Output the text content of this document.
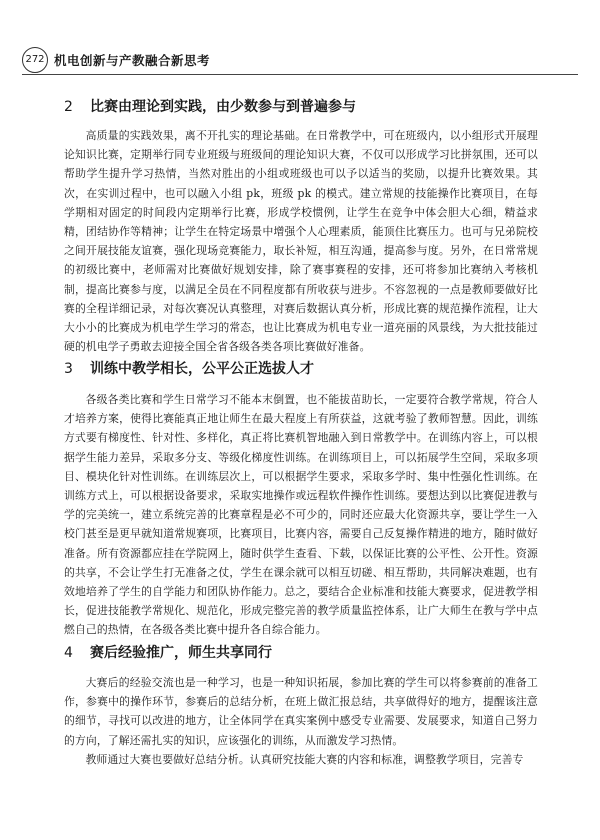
272 机电创新与产教融合新思考
2 比赛由理论到实践，由少数参与到普遍参与

高质量的实践效果，离不开扎实的理论基础。在日常教学中，可在班级内，以小组形式开展理论知识比赛，定期举行同专业班级与班级间的理论知识大赛，不仅可以形成学习比拼氛围，还可以帮助学生提升学习热情，当然对胜出的小组或班级也可以予以适当的奖励，以提升比赛效果。其次，在实训过程中，也可以融入小组 pk，班级 pk 的模式。建立常规的技能操作比赛项目，在每学期相对固定的时间段内定期举行比赛，形成学校惯例，让学生在竞争中体会胆大心细，精益求精，团结协作等精神；让学生在特定场景中增强个人心理素质，能顶住比赛压力。也可与兄弟院校之间开展技能友谊赛，强化现场竞赛能力，取长补短，相互沟通，提高参与度。另外，在日常常规的初级比赛中，老师需对比赛做好规划安排，除了赛事赛程的安排，还可将参加比赛纳入考核机制，提高比赛参与度，以满足全员在不同程度都有所收获与进步。不容忽视的一点是教师要做好比赛的全程详细记录，对每次赛况认真整理，对赛后数据认真分析，形成比赛的规范操作流程，让大大小小的比赛成为机电学生学习的常态，也让比赛成为机电专业一道亮丽的风景线，为大批技能过硬的机电学子勇敢去迎接全国全省各级各类各项比赛做好准备。

3 训练中教学相长，公平公正选拔人才

各级各类比赛和学生日常学习不能本末倒置，也不能拔苗助长，一定要符合教学常规，符合人才培养方案，使得比赛能真正地让师生在最大程度上有所获益，这就考验了教师智慧。因此，训练方式要有梯度性、针对性、多样化，真正将比赛机智地融入到日常教学中。在训练内容上，可以根据学生能力差异，采取多分支、等级化梯度性训练。在训练项目上，可以拓展学生空间，采取多项目、模块化针对性训练。在训练层次上，可以根据学生要求，采取多学时、集中性强化性训练。在训练方式上，可以根据设备要求，采取实地操作或远程软件操作性训练。要想达到以比赛促进教与学的完美统一，建立系统完善的比赛章程是必不可少的，同时还应最大化资源共享，要让学生一入校门甚至是更早就知道常规赛项，比赛项目，比赛内容，需要自己反复操作精进的地方，随时做好准备。所有资源都应挂在学院网上，随时供学生查看、下载，以保证比赛的公平性、公开性。资源的共享，不会让学生打无准备之仗，学生在课余就可以相互切磋、相互帮助，共同解决难题，也有效地培养了学生的自学能力和团队协作能力。总之，要结合企业标准和技能大赛要求，促进教学相长，促进技能教学常规化、规范化，形成完整完善的教学质量监控体系，让广大师生在教与学中点燃自己的热情，在各级各类比赛中提升各自综合能力。

4 赛后经验推广，师生共享同行

大赛后的经验交流也是一种学习，也是一种知识拓展，参加比赛的学生可以将参赛前的准备工作，参赛中的操作环节，参赛后的总结分析，在班上做汇报总结，共享做得好的地方，提醒该注意的细节，寻找可以改进的地方，让全体同学在真实案例中感受专业需要、发展要求，知道自己努力的方向，了解还需扎实的知识，应该强化的训练，从而激发学习热情。

教师通过大赛也要做好总结分析。认真研究技能大赛的内容和标准，调整教学项目，完善专
